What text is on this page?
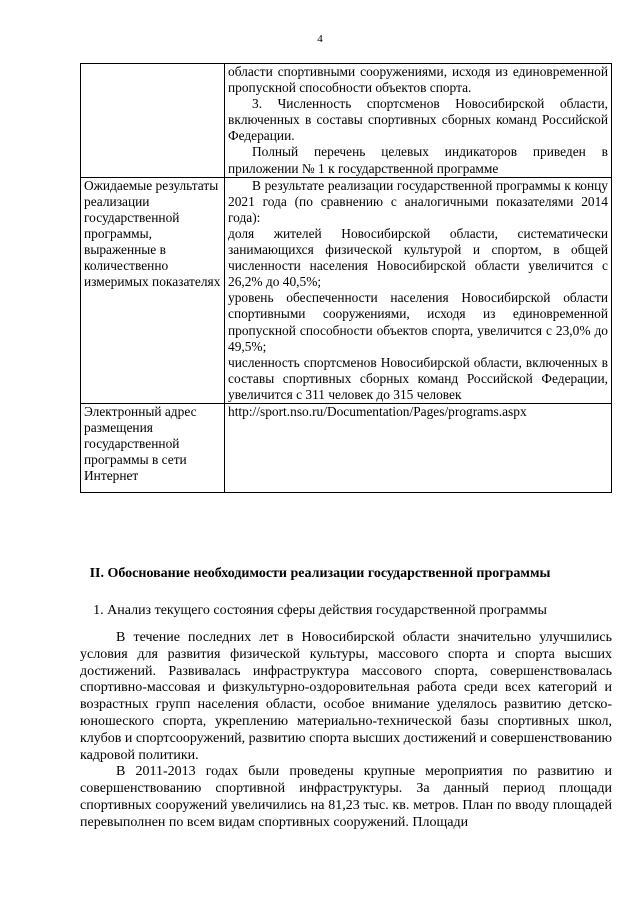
4

	области спортивными сооружениями, исходя из единовременной пропускной способности объектов спорта.

3. Численность спортсменов Новосибирской области, включенных в составы спортивных сборных команд Российской Федерации.

Полный перечень целевых индикаторов приведен в приложении № 1 к государственной программе

Ожидаемые результаты реализации государственной программы, выраженные в количественно измеримых показателях	В результате реализации государственной программы к концу 2021 года (по сравнению с аналогичными показателями 2014 года):

доля жителей Новосибирской области, систематически занимающихся физической культурой и спортом, в общей численности населения Новосибирской области увеличится с 26,2% до 40,5%;

уровень обеспеченности населения Новосибирской области спортивными сооружениями, исходя из единовременной пропускной способности объектов спорта, увеличится с 23,0% до 49,5%;

численность спортсменов Новосибирской области, включенных в составы спортивных сборных команд Российской Федерации, увеличится с 311 человек до 315 человек

Электронный адрес размещения государственной программы в сети Интернет	http://sport.nso.ru/Documentation/Pages/programs.aspx

II. Обоснование необходимости реализации государственной программы
1. Анализ текущего состояния сферы действия государственной программы

В течение последних лет в Новосибирской области значительно улучшились условия для развития физической культуры, массового спорта и спорта высших достижений. Развивалась инфраструктура массового спорта, совершенствовалась спортивно-массовая и физкультурно-оздоровительная работа среди всех категорий и возрастных групп населения области, особое внимание уделялось развитию детско-юношеского спорта, укреплению материально-технической базы спортивных школ, клубов и спортсооружений, развитию спорта высших достижений и совершенствованию кадровой политики.

В 2011-2013 годах были проведены крупные мероприятия по развитию и совершенствованию спортивной инфраструктуры. За данный период площади спортивных сооружений увеличились на 81,23 тыс. кв. метров. План по вводу площадей перевыполнен по всем видам спортивных сооружений. Площади
